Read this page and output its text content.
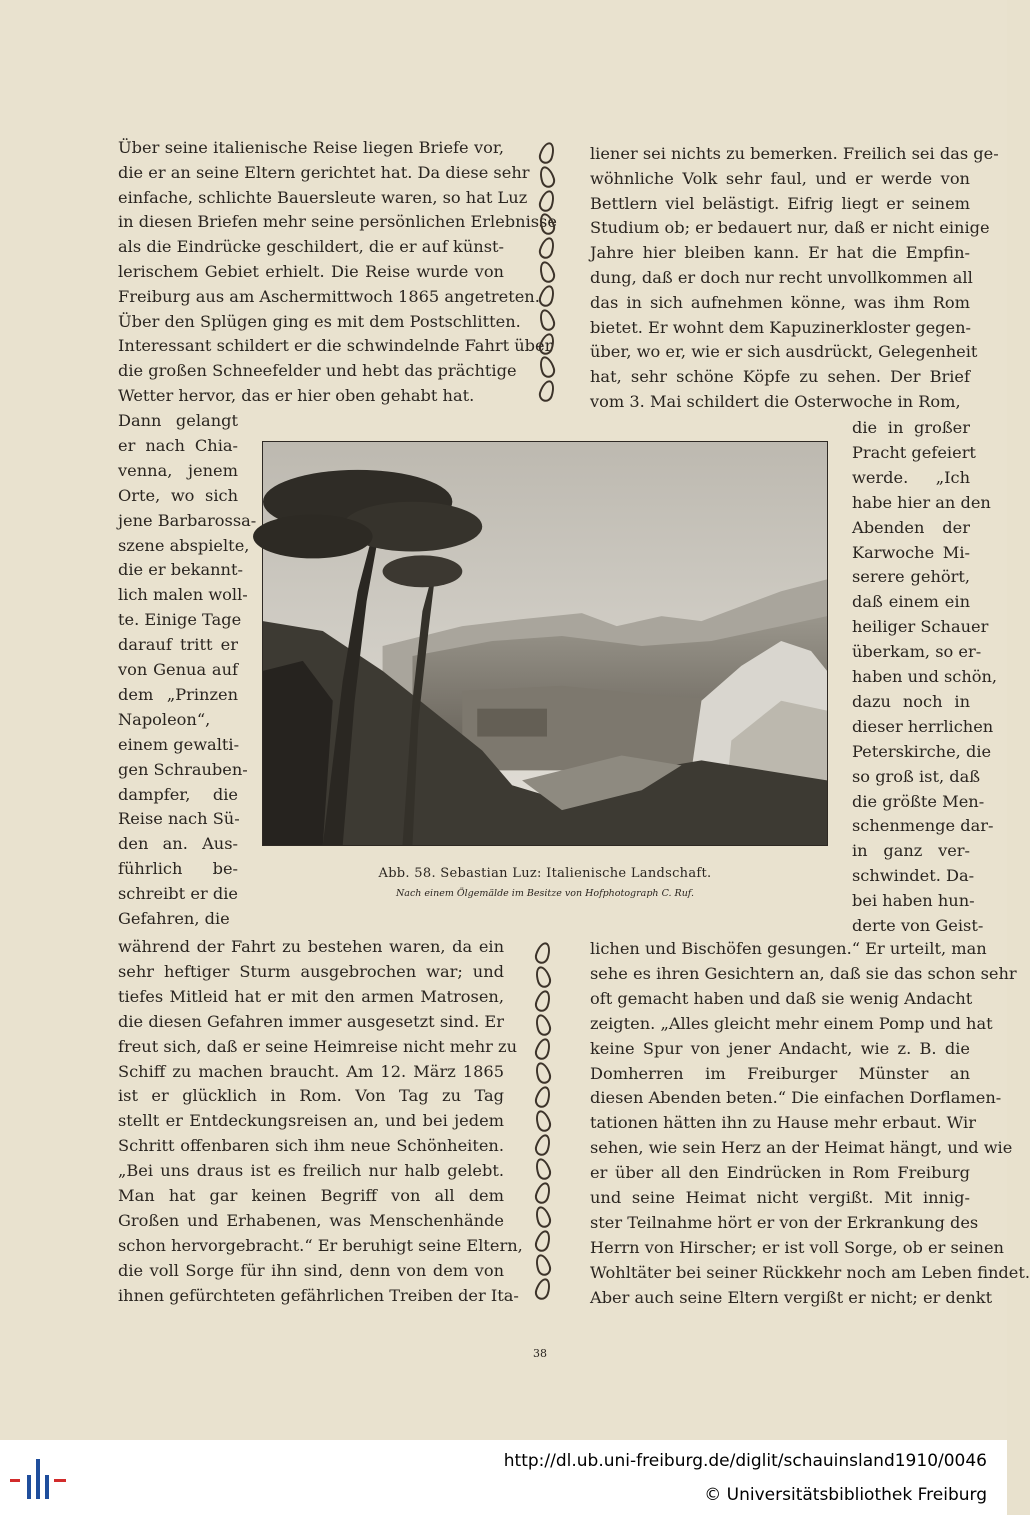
Über seine italienische Reise liegen Briefe vor,
die er an seine Eltern gerichtet hat. Da diese sehr
einfache, schlichte Bauersleute waren, so hat Luz
in diesen Briefen mehr seine persönlichen Erlebnisse
als die Eindrücke geschildert, die er auf künst-
lerischem Gebiet erhielt. Die Reise wurde von
Freiburg aus am Aschermittwoch 1865 angetreten.
Über den Splügen ging es mit dem Postschlitten.
Interessant schildert er die schwindelnde Fahrt über
die großen Schneefelder und hebt das prächtige
Wetter hervor, das er hier oben gehabt hat.
Dann gelangt
er nach Chia-
venna, jenem
Orte, wo sich
jene Barbarossa-
szene abspielte,
die er bekannt-
lich malen woll-
te. Einige Tage
darauf tritt er
von Genua auf
dem „Prinzen
Napoleon“,
einem gewalti-
gen Schrauben-
dampfer, die
Reise nach Sü-
den an. Aus-
führlich be-
schreibt er die
Gefahren, die
während der Fahrt zu bestehen waren, da ein
sehr heftiger Sturm ausgebrochen war; und
tiefes Mitleid hat er mit den armen Matrosen,
die diesen Gefahren immer ausgesetzt sind. Er
freut sich, daß er seine Heimreise nicht mehr zu
Schiff zu machen braucht. Am 12. März 1865
ist er glücklich in Rom. Von Tag zu Tag
stellt er Entdeckungsreisen an, und bei jedem
Schritt offenbaren sich ihm neue Schönheiten.
„Bei uns draus ist es freilich nur halb gelebt.
Man hat gar keinen Begriff von all dem
Großen und Erhabenen, was Menschenhände
schon hervorgebracht.“ Er beruhigt seine Eltern,
die voll Sorge für ihn sind, denn von dem von
ihnen gefürchteten gefährlichen Treiben der Ita-
liener sei nichts zu bemerken. Freilich sei das ge-
wöhnliche Volk sehr faul, und er werde von
Bettlern viel belästigt. Eifrig liegt er seinem
Studium ob; er bedauert nur, daß er nicht einige
Jahre hier bleiben kann. Er hat die Empfin-
dung, daß er doch nur recht unvollkommen all
das in sich aufnehmen könne, was ihm Rom
bietet. Er wohnt dem Kapuzinerkloster gegen-
über, wo er, wie er sich ausdrückt, Gelegenheit
hat, sehr schöne Köpfe zu sehen. Der Brief
vom 3. Mai schildert die Osterwoche in Rom,
die in großer
Pracht gefeiert
werde. „Ich
habe hier an den
Abenden der
Karwoche Mi-
serere gehört,
daß einem ein
heiliger Schauer
überkam, so er-
haben und schön,
dazu noch in
dieser herrlichen
Peterskirche, die
so groß ist, daß
die größte Men-
schenmenge dar-
in ganz ver-
schwindet. Da-
bei haben hun-
derte von Geist-
lichen und Bischöfen gesungen.“ Er urteilt, man
sehe es ihren Gesichtern an, daß sie das schon sehr
oft gemacht haben und daß sie wenig Andacht
zeigten. „Alles gleicht mehr einem Pomp und hat
keine Spur von jener Andacht, wie z. B. die
Domherren im Freiburger Münster an
diesen Abenden beten.“ Die einfachen Dorflamen-
tationen hätten ihn zu Hause mehr erbaut. Wir
sehen, wie sein Herz an der Heimat hängt, und wie
er über all den Eindrücken in Rom Freiburg
und seine Heimat nicht vergißt. Mit innig-
ster Teilnahme hört er von der Erkrankung des
Herrn von Hirscher; er ist voll Sorge, ob er seinen
Wohltäter bei seiner Rückkehr noch am Leben findet.
Aber auch seine Eltern vergißt er nicht; er denkt
Abb. 58. Sebastian Luz: Italienische Landschaft.
Nach einem Ölgemälde im Besitze von Hofphotograph C. Ruf.
38
http://dl.ub.uni-freiburg.de/diglit/schauinsland1910/0046
© Universitätsbibliothek Freiburg
